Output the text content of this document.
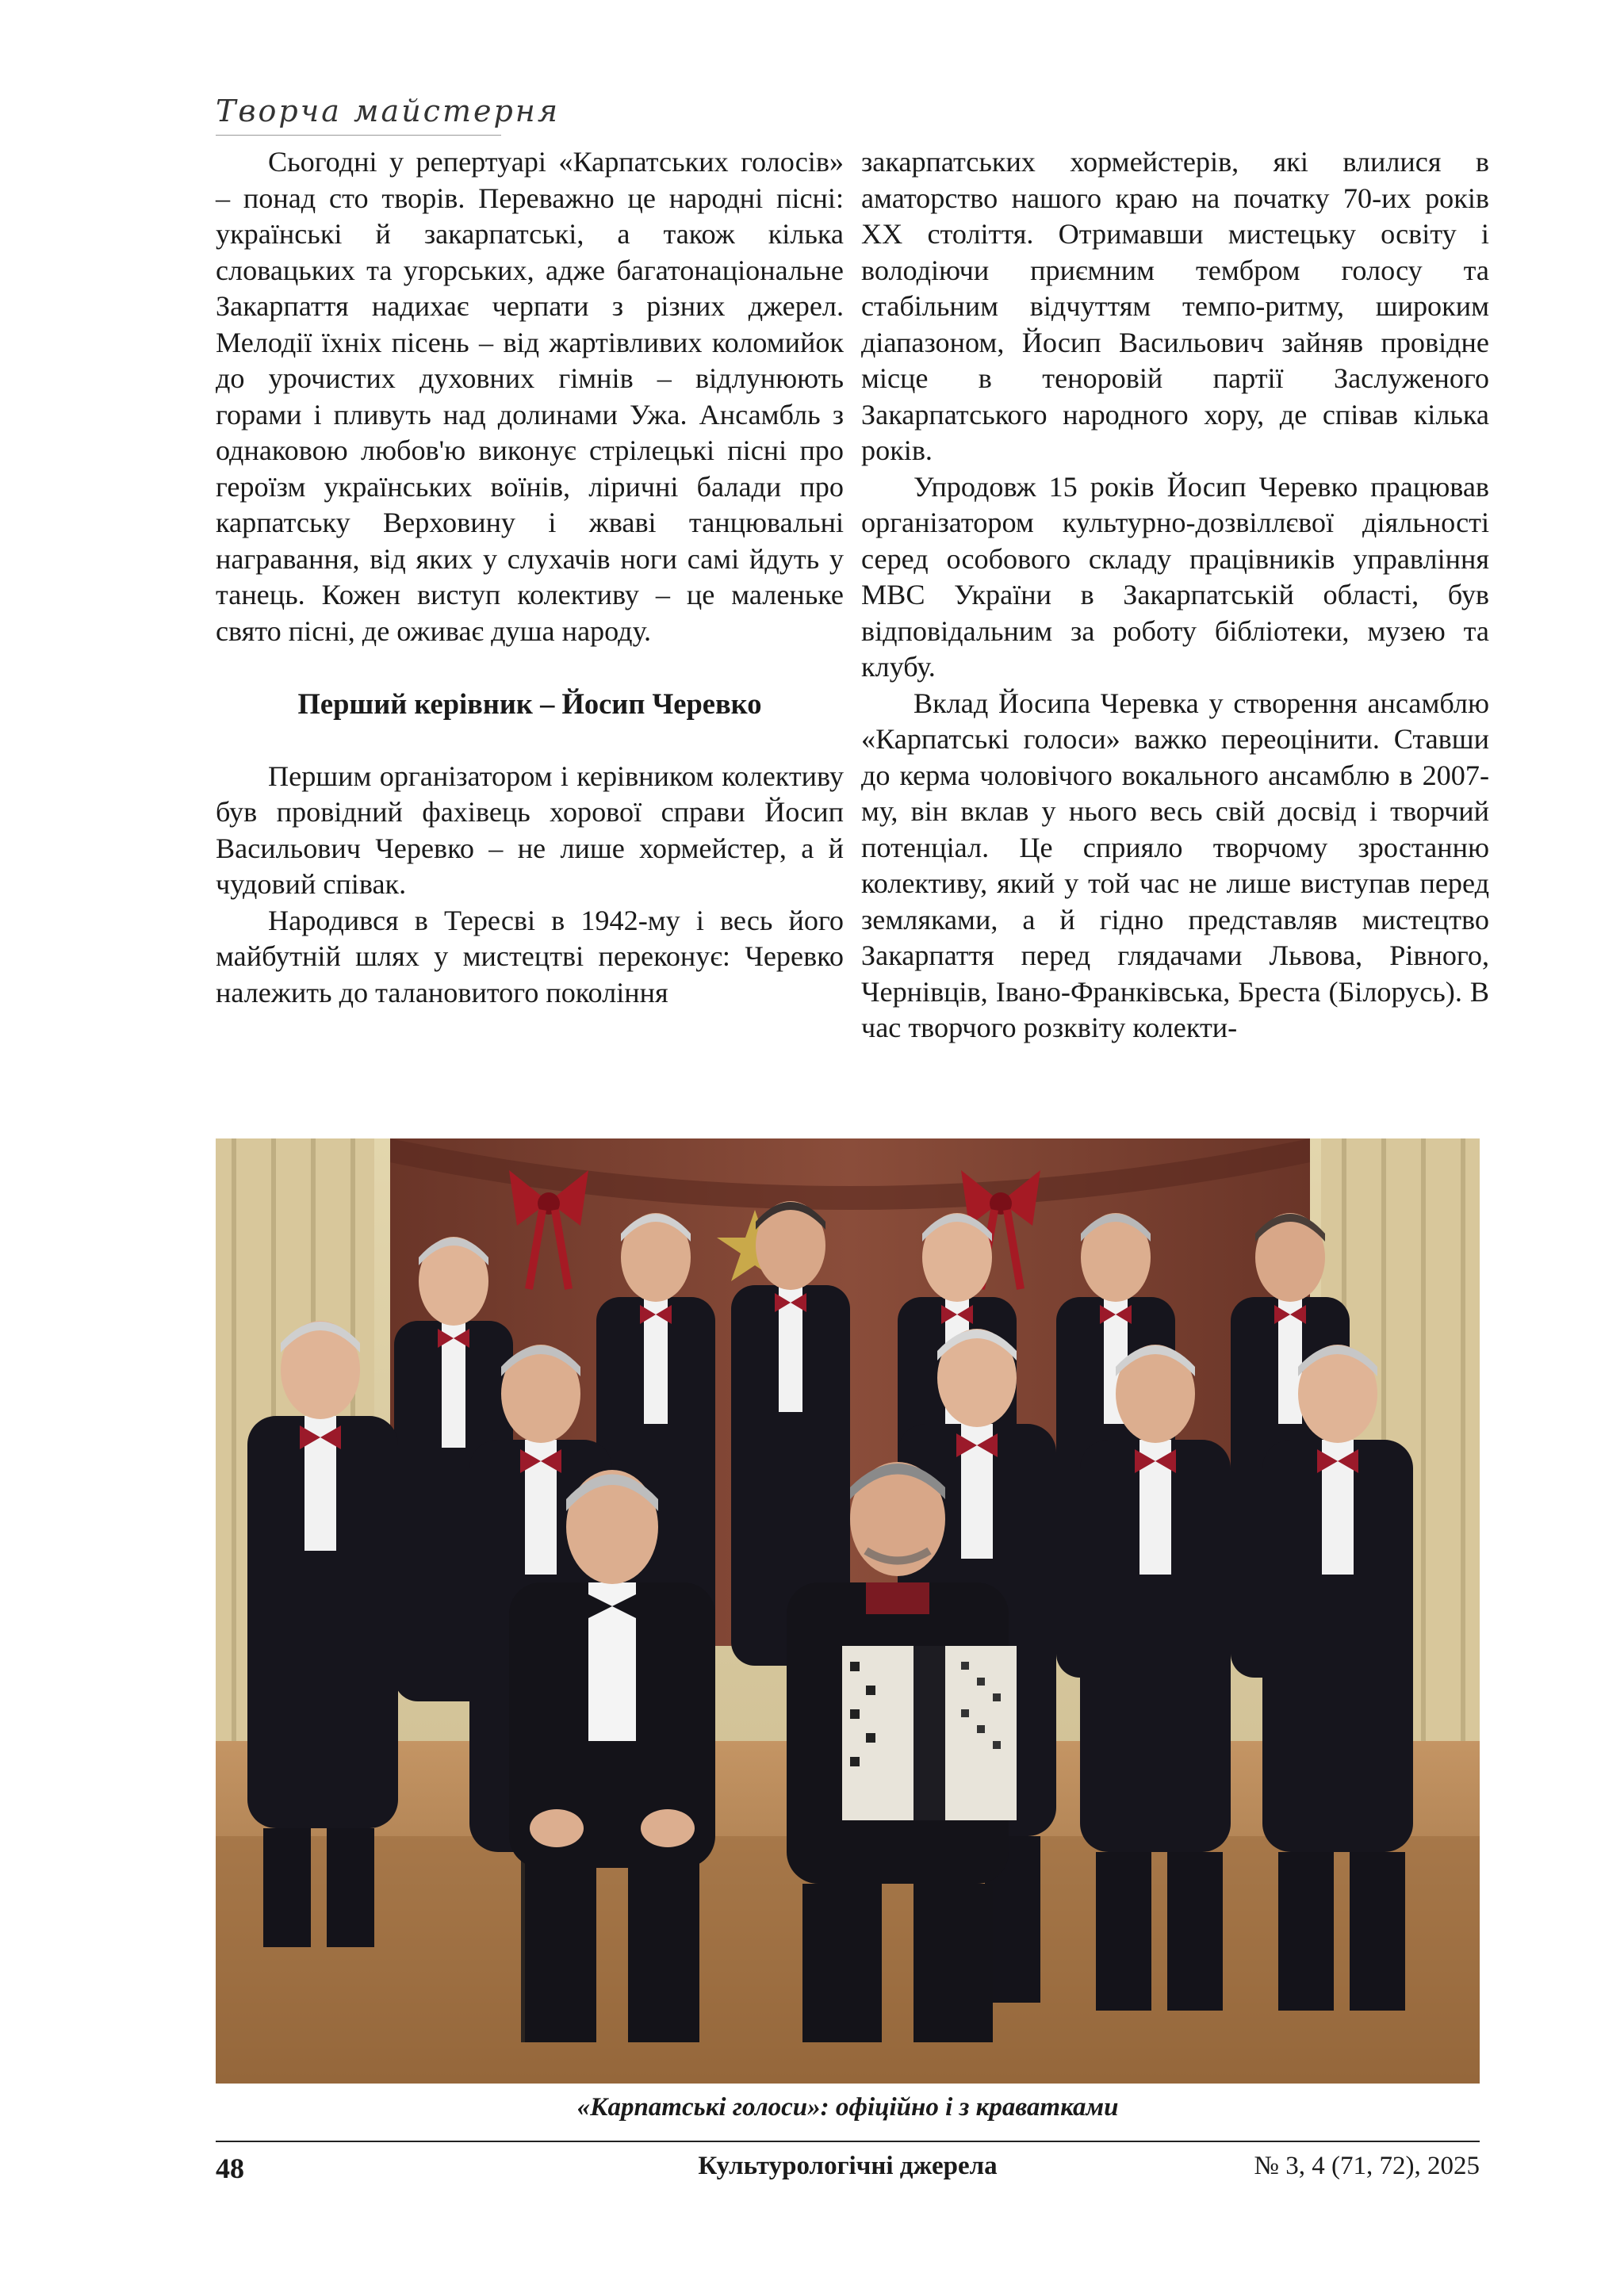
Творча майстерня

Сьогодні у репертуарі «Карпатських голосів» – понад сто творів. Переважно це народні пісні: українські й закарпатські, а також кілька словацьких та угорських, адже багатонаціональне Закарпаття надихає черпати з різних джерел. Мелодії їхніх пісень – від жартівливих коломийок до урочистих духовних гімнів – відлунюють горами і пливуть над долинами Ужа. Ансамбль з однаковою любов'ю виконує стрілецькі пісні про героїзм українських воїнів, ліричні балади про карпатську Верховину і жваві танцювальні награвання, від яких у слухачів ноги самі йдуть у танець. Кожен виступ колективу – це маленьке свято пісні, де оживає душа народу.

Перший керівник – Йосип Черевко

Першим організатором і керівником колективу був провідний фахівець хорової справи Йосип Васильович Черевко – не лише хормейстер, а й чудовий співак.

Народився в Тересві в 1942-му і весь його майбутній шлях у мистецтві переконує: Черевко належить до талановитого покоління

закарпатських хормейстерів, які влилися в аматорство нашого краю на початку 70-их років XX століття. Отримавши мистецьку освіту і володіючи приємним тембром голосу та стабільним відчуттям темпо-ритму, широким діапазоном, Йосип Васильович зайняв провідне місце в теноровій партії Заслуженого Закарпатського народного хору, де співав кілька років.

Упродовж 15 років Йосип Черевко працював організатором культурно-дозвіллєвої діяльності серед особового складу працівників управління МВС України в Закарпатській області, був відповідальним за роботу бібліотеки, музею та клубу.

Вклад Йосипа Черевка у створення ансамблю «Карпатські голоси» важко переоцінити. Ставши до керма чоловічого вокального ансамблю в 2007-му, він вклав у нього весь свій досвід і творчий потенціал. Це сприяло творчому зростанню колективу, який у той час не лише виступав перед земляками, а й гідно представляв мистецтво Закарпаття перед глядачами Львова, Рівного, Чернівців, Івано-Франківська, Бреста (Білорусь). В час творчого розквіту колекти-

«Карпатські голоси»: офіційно і з краватками
Культурологічні джерела
48	№ 3, 4 (71, 72), 2025
